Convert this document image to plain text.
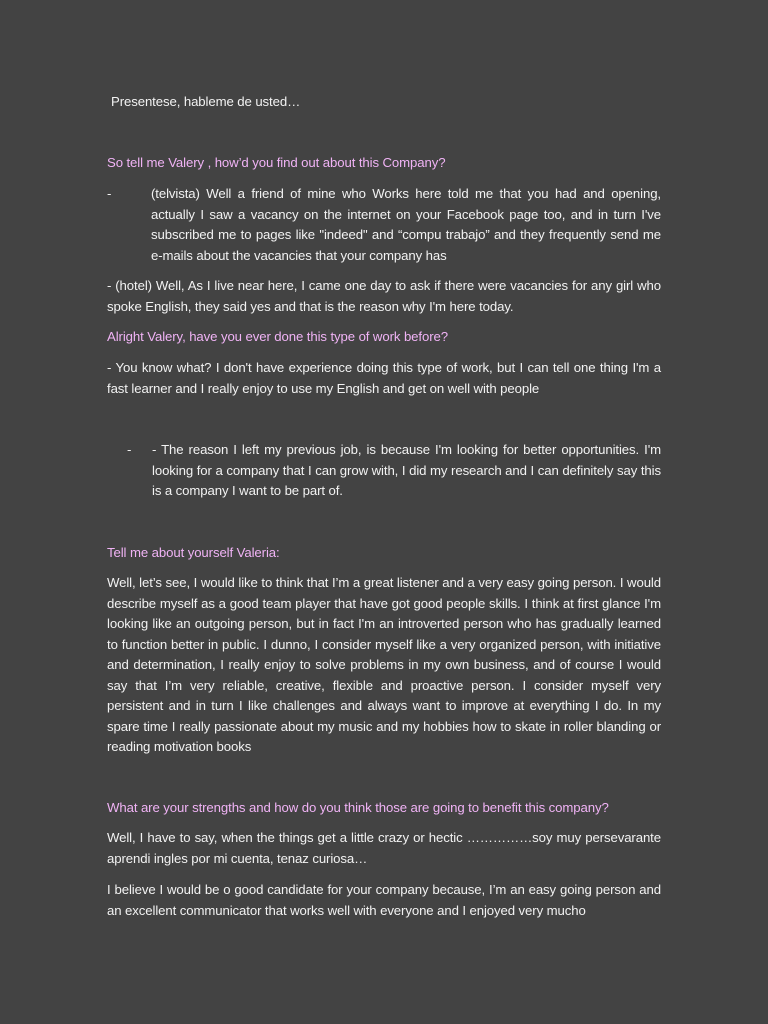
Presentese, hableme de usted…

So tell me Valery , how’d you find out about this Company?

-	(telvista) Well a friend of mine who Works here told me that you had and opening, actually I saw a vacancy on the internet on your Facebook page too, and in turn I've subscribed me to pages like "indeed" and “compu trabajo” and they frequently send me e-mails about the vacancies that your company has

- (hotel) Well, As I live near here, I came one day to ask if there were vacancies for any girl who spoke English, they said yes and that is the reason why I'm here today.

Alright Valery, have you ever done this type of work before?

- You know what? I don't have experience doing this type of work, but I can tell one thing I'm a fast learner and I really enjoy to use my English and get on well with people

- - The reason I left my previous job, is because I'm looking for better opportunities. I'm looking for a company that I can grow with, I did my research and I can definitely say this is a company I want to be part of.

Tell me about yourself Valeria:

Well, let’s see, I would like to think that I’m a great listener and a very easy going person. I would describe myself as a good team player that have got good people skills. I think at first glance I'm looking like an outgoing person, but in fact I'm an introverted person who has gradually learned to function better in public. I dunno, I consider myself like a very organized person, with initiative and determination, I really enjoy to solve problems in my own business, and of course I would say that I’m very reliable, creative, flexible and proactive person. I consider myself very persistent and in turn I like challenges and always want to improve at everything I do. In my spare time I really passionate about my music and my hobbies how to skate in roller blanding or reading motivation books

What are your strengths and how do you think those are going to benefit this company?

Well, I have to say, when the things get a little crazy or hectic ……………soy muy persevarante aprendi ingles por mi cuenta, tenaz curiosa…

I believe I would be o good candidate for your company because, I’m an easy going person and an excellent communicator that works well with everyone and I enjoyed very mucho
